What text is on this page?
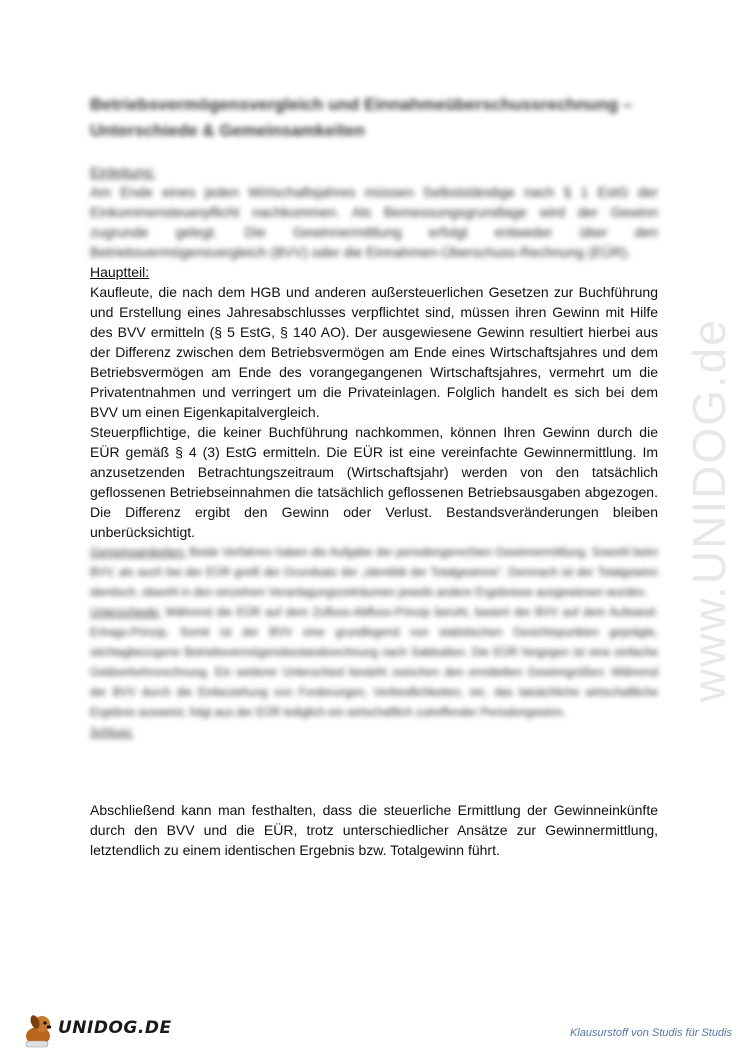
Betriebsvermögensvergleich und Einnahmeüberschussrechnung – Unterschiede & Gemeinsamkeiten
Einleitung:
Am Ende eines jeden Wirtschaftsjahres müssen Selbstständige nach § 1 EstG der Einkommensteuerpflicht nachkommen. Als Bemessungsgrundlage wird der Gewinn zugrunde gelegt. Die Gewinnermittlung erfolgt entweder über den Betriebsvermögensvergleich (BVV) oder die Einnahmen-Überschuss-Rechnung (EÜR).
Hauptteil:
Kaufleute, die nach dem HGB und anderen außersteuerlichen Gesetzen zur Buchführung und Erstellung eines Jahresabschlusses verpflichtet sind, müssen ihren Gewinn mit Hilfe des BVV ermitteln (§ 5 EstG, § 140 AO). Der ausgewiesene Gewinn resultiert hierbei aus der Differenz zwischen dem Betriebsvermögen am Ende eines Wirtschaftsjahres und dem Betriebsvermögen am Ende des vorangegangenen Wirtschaftsjahres, vermehrt um die Privatentnahmen und verringert um die Privateinlagen. Folglich handelt es sich bei dem BVV um einen Eigenkapitalvergleich.
Steuerpflichtige, die keiner Buchführung nachkommen, können Ihren Gewinn durch die EÜR gemäß § 4 (3) EstG ermitteln. Die EÜR ist eine vereinfachte Gewinnermittlung. Im anzusetzenden Betrachtungszeitraum (Wirtschaftsjahr) werden von den tatsächlich geflossenen Betriebseinnahmen die tatsächlich geflossenen Betriebsausgaben abgezogen. Die Differenz ergibt den Gewinn oder Verlust. Bestandsveränderungen bleiben unberücksichtigt.
Gemeinsamkeiten: Beide Verfahren haben die Aufgabe der periodengerechten Gewinnermittlung. Sowohl beim BVV, als auch bei der EÜR greift der Grundsatz der „Identität der Totalgewinne“. Demnach ist der Totalgewinn identisch, obwohl in den einzelnen Veranlagungszeiträumen jeweils andere Ergebnisse ausgewiesen wurden.
Unterschiede: Während die EÜR auf dem Zufluss-Abfluss-Prinzip beruht, basiert der BVV auf dem Aufwand-Ertrags-Prinzip. Somit ist der BVV eine grundlegend von statistischen Gesichtspunkten geprägte, stichtagbezogene Betriebsvermögensbestandsrechnung nach Saldoalien. Die EÜR hingegen ist eine einfache Geldverkehrsrechnung. Ein weiterer Unterschied besteht zwischen den ermittelten Gewinngrößen: Während der BVV durch die Einbeziehung von Forderungen, Verbindlichkeiten, etc. das tatsächliche wirtschaftliche Ergebnis ausweist, folgt aus der EÜR lediglich ein wirtschaftlich zutreffender Periodengewinn.
Schluss:
Abschließend kann man festhalten, dass die steuerliche Ermittlung der Gewinneinkünfte durch den BVV und die EÜR, trotz unterschiedlicher Ansätze zur Gewinnermittlung, letztendlich zu einem identischen Ergebnis bzw. Totalgewinn führt.
www.UNIDOG.de
UNIDOG.DE	Klausurstoff von Studis für Studis
